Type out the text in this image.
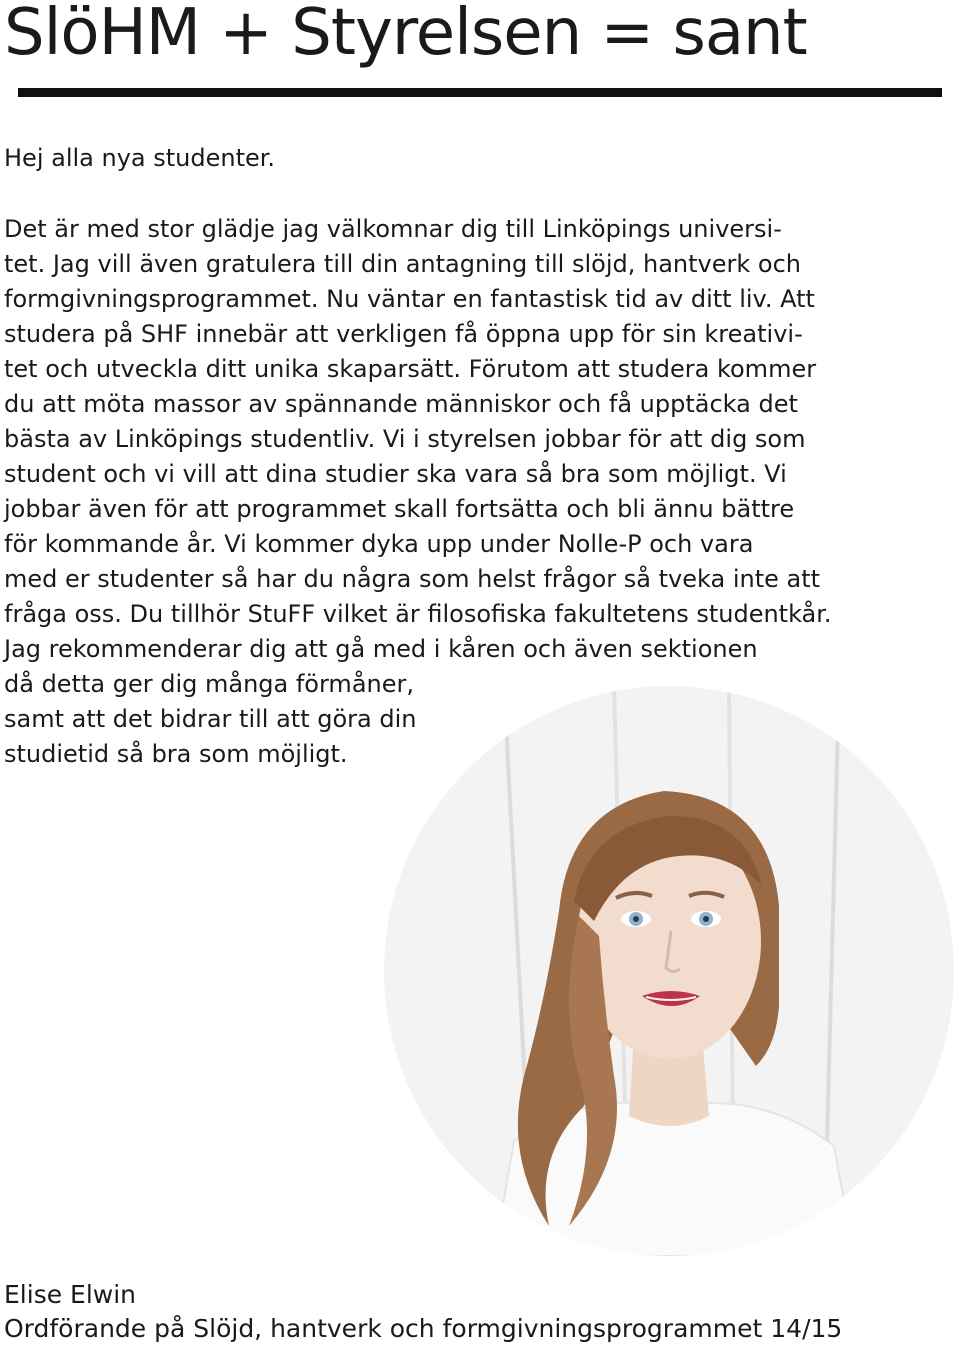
SlöHM + Styrelsen = sant

Hej alla nya studenter.

Det är med stor glädje jag välkomnar dig till Linköpings universi-
tet. Jag vill även gratulera till din antagning till slöjd, hantverk och
formgivningsprogrammet. Nu väntar en fantastisk tid av ditt liv. Att
studera på SHF innebär att verkligen få öppna upp för sin kreativi-
tet och utveckla ditt unika skaparsätt. Förutom att studera kommer
du att möta massor av spännande människor och få upptäcka det
bästa av Linköpings studentliv. Vi i styrelsen jobbar för att dig som
student och vi vill att dina studier ska vara så bra som möjligt. Vi
jobbar även för att programmet skall fortsätta och bli ännu bättre
för kommande år. Vi kommer dyka upp under Nolle-P och vara
med er studenter så har du några som helst frågor så tveka inte att
fråga oss. Du tillhör StuFF vilket är filosofiska fakultetens studentkår.
Jag rekommenderar dig att gå med i kåren och även sektionen
då detta ger dig många förmåner,
samt att det bidrar till att göra din
studietid så bra som möjligt.

Elise Elwin

Ordförande på Slöjd, hantverk och formgivningsprogrammet 14/15
